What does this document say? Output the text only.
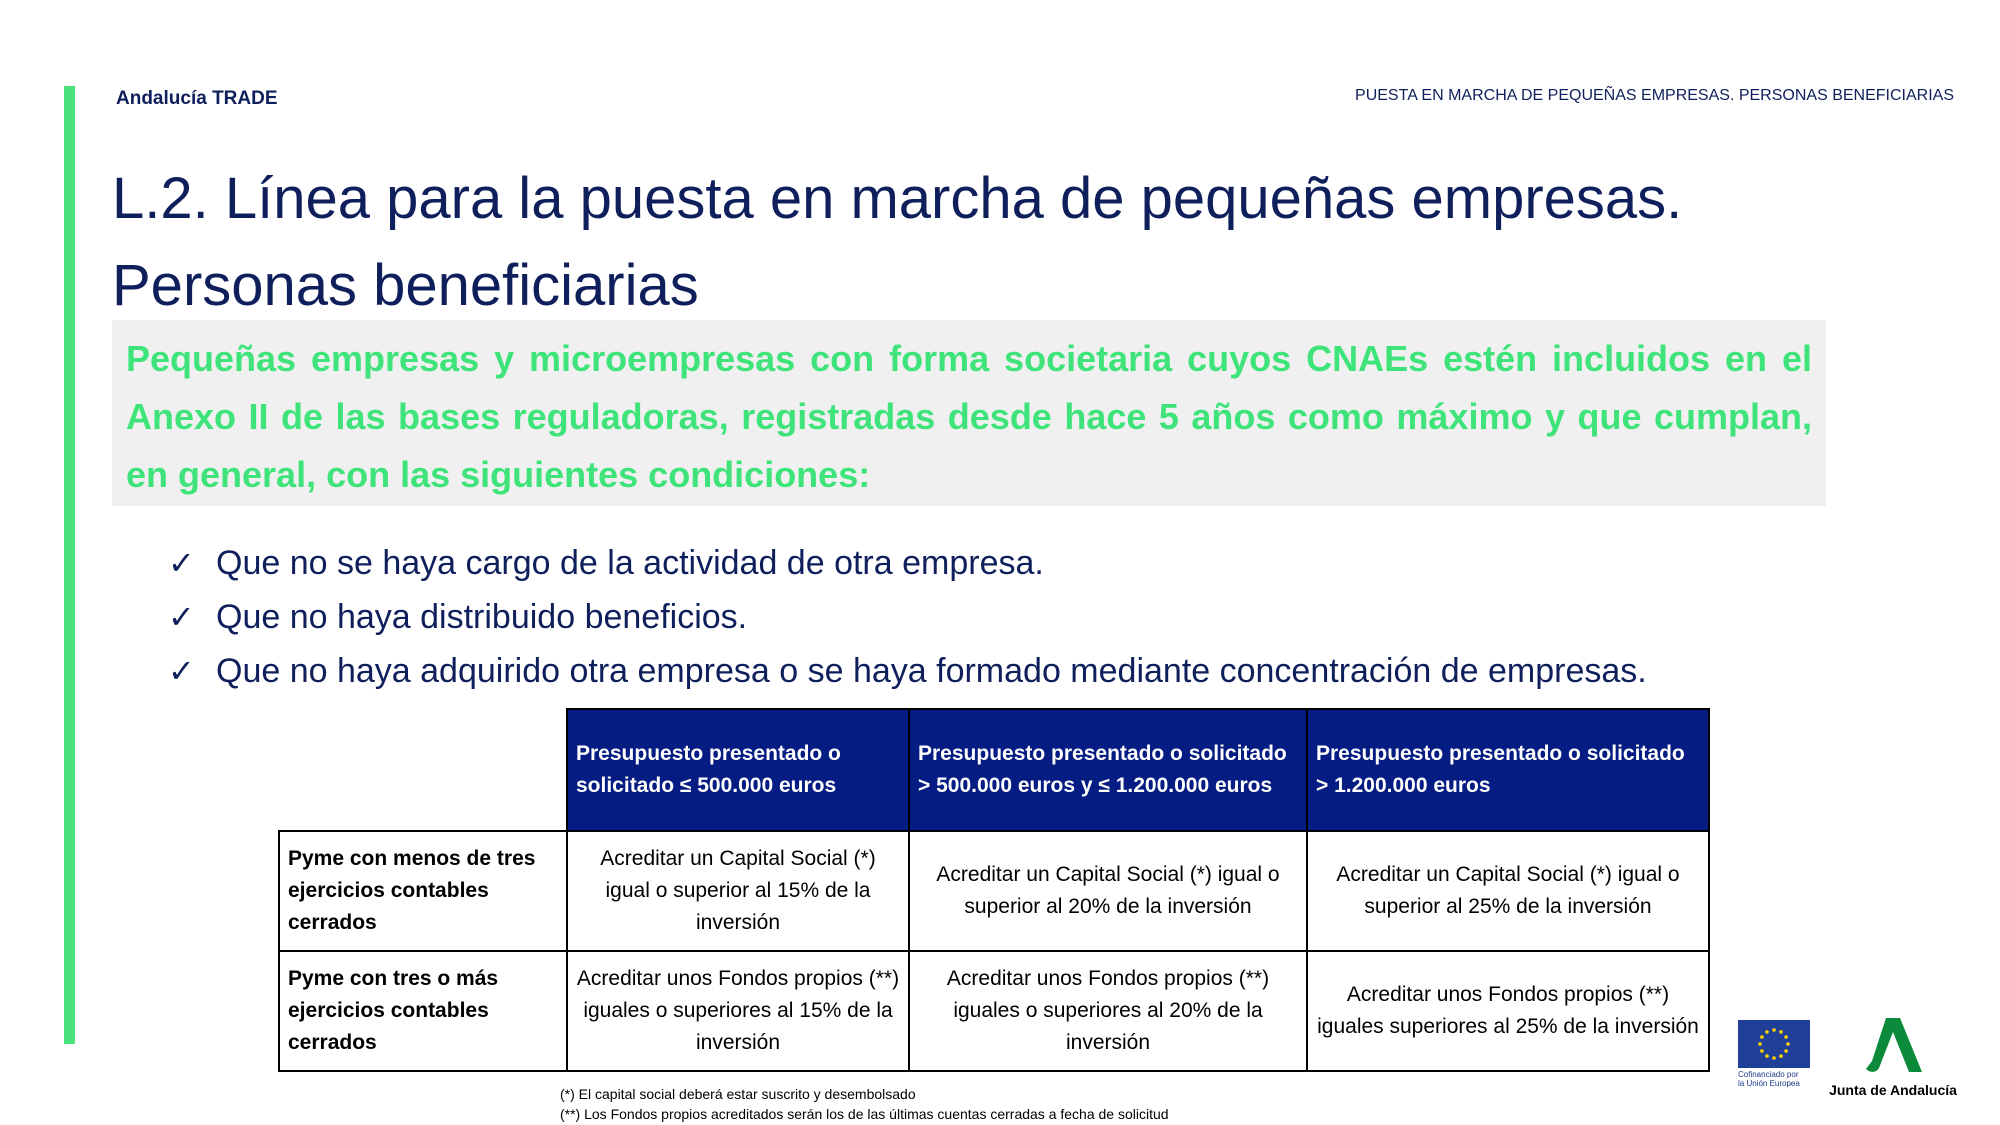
Andalucía TRADE	PUESTA EN MARCHA DE PEQUEÑAS EMPRESAS. PERSONAS BENEFICIARIAS
L.2. Línea para la puesta en marcha de pequeñas empresas.
Personas beneficiarias

Pequeñas empresas y microempresas con forma societaria cuyos CNAEs estén incluidos en el Anexo II de las bases reguladoras, registradas desde hace 5 años como máximo y que cumplan, en general, con las siguientes condiciones:

✓ Que no se haya cargo de la actividad de otra empresa.
✓ Que no haya distribuido beneficios.
✓ Que no haya adquirido otra empresa o se haya formado mediante concentración de empresas.
	Presupuesto presentado o solicitado ≤ 500.000 euros	Presupuesto presentado o solicitado > 500.000 euros y ≤ 1.200.000 euros	Presupuesto presentado o solicitado > 1.200.000 euros
Pyme con menos de tres ejercicios contables cerrados	Acreditar un Capital Social (*) igual o superior al 15% de la inversión	Acreditar un Capital Social (*) igual o superior al 20% de la inversión	Acreditar un Capital Social (*) igual o superior al 25% de la inversión
Pyme con tres o más ejercicios contables cerrados	Acreditar unos Fondos propios (**) iguales o superiores al 15% de la inversión	Acreditar unos Fondos propios (**) iguales o superiores al 20% de la inversión	Acreditar unos Fondos propios (**) iguales superiores al 25% de la inversión

(*) El capital social deberá estar suscrito y desembolsado

(**) Los Fondos propios acreditados serán los de las últimas cuentas cerradas a fecha de solicitud

Cofinanciado por
la Unión Europea	Junta de Andalucía
